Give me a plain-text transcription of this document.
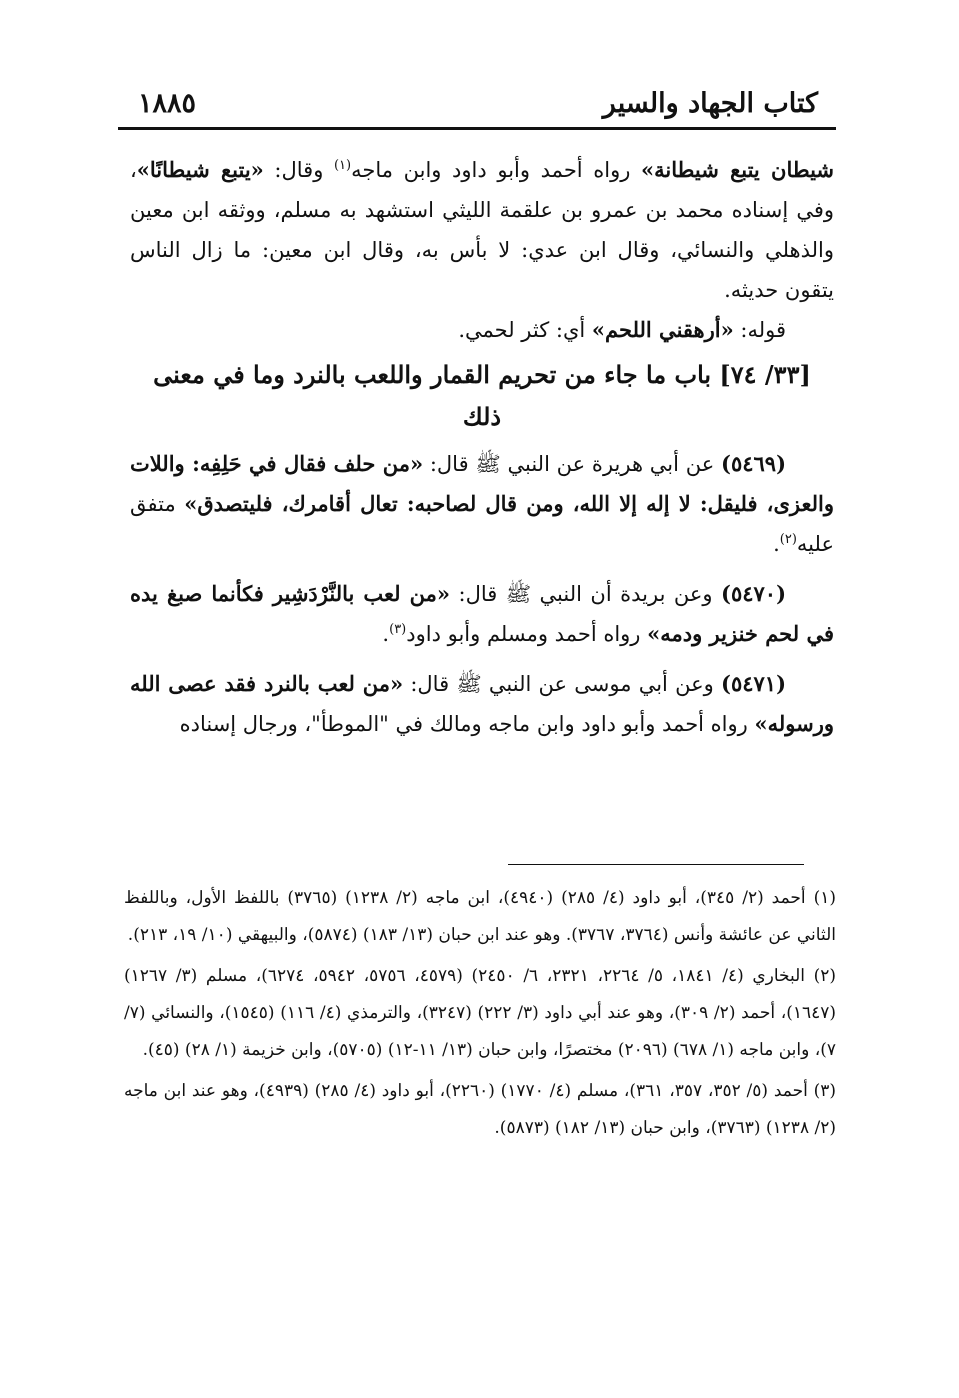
كتاب الجهاد والسير
١٨٨٥

شيطان يتبع شيطانة» رواه أحمد وأبو داود وابن ماجه$^{(١)}$ وقال: «يتبع شيطانًا»، وفي إسناده محمد بن عمرو بن علقمة الليثي استشهد به مسلم، ووثقه ابن معين والذهلي والنسائي، وقال ابن عدي: لا بأس به، وقال ابن معين: ما زال الناس يتقون حديثه.

قوله: «أرهقني اللحم» أي: كثر لحمي.

[٣٣/ ٧٤] باب ما جاء من تحريم القمار واللعب بالنرد وما في معنى ذلك

(٥٤٦٩) عن أبي هريرة عن النبي ﷺ قال: «من حلف فقال في حَلِفِه: واللات والعزى، فليقل: لا إله إلا الله، ومن قال لصاحبه: تعال أقامرك، فليتصدق» متفق عليه$^{(٢)}$.

(٥٤٧٠) وعن بريدة أن النبي ﷺ قال: «من لعب بالنَّرْدَشِير فكأنما صبغ يده في لحم خنزير ودمه» رواه أحمد ومسلم وأبو داود$^{(٣)}$.

(٥٤٧١) وعن أبي موسى عن النبي ﷺ قال: «من لعب بالنرد فقد عصى الله ورسوله» رواه أحمد وأبو داود وابن ماجه ومالك في "الموطأ"، ورجال إسناده

(١) أحمد (٢/ ٣٤٥)، أبو داود (٤/ ٢٨٥) (٤٩٤٠)، ابن ماجه (٢/ ١٢٣٨) (٣٧٦٥) باللفظ الأول، وباللفظ الثاني عن عائشة وأنس (٣٧٦٤، ٣٧٦٧). وهو عند ابن حبان (١٣/ ١٨٣) (٥٨٧٤)، والبيهقي (١٠/ ١٩، ٢١٣).

(٢) البخاري (٤/ ١٨٤١، ٥/ ٢٢٦٤، ٢٣٢١، ٦/ ٢٤٥٠) (٤٥٧٩، ٥٧٥٦، ٥٩٤٢، ٦٢٧٤)، مسلم (٣/ ١٢٦٧) (١٦٤٧)، أحمد (٢/ ٣٠٩)، وهو عند أبي داود (٣/ ٢٢٢) (٣٢٤٧)، والترمذي (٤/ ١١٦) (١٥٤٥)، والنسائي (٧/ ٧)، وابن ماجه (١/ ٦٧٨) (٢٠٩٦) مختصرًا، وابن حبان (١٣/ ١١-١٢) (٥٧٠٥)، وابن خزيمة (١/ ٢٨) (٤٥).

(٣) أحمد (٥/ ٣٥٢، ٣٥٧، ٣٦١)، مسلم (٤/ ١٧٧٠) (٢٢٦٠)، أبو داود (٤/ ٢٨٥) (٤٩٣٩)، وهو عند ابن ماجه (٢/ ١٢٣٨) (٣٧٦٣)، وابن حبان (١٣/ ١٨٢) (٥٨٧٣).
